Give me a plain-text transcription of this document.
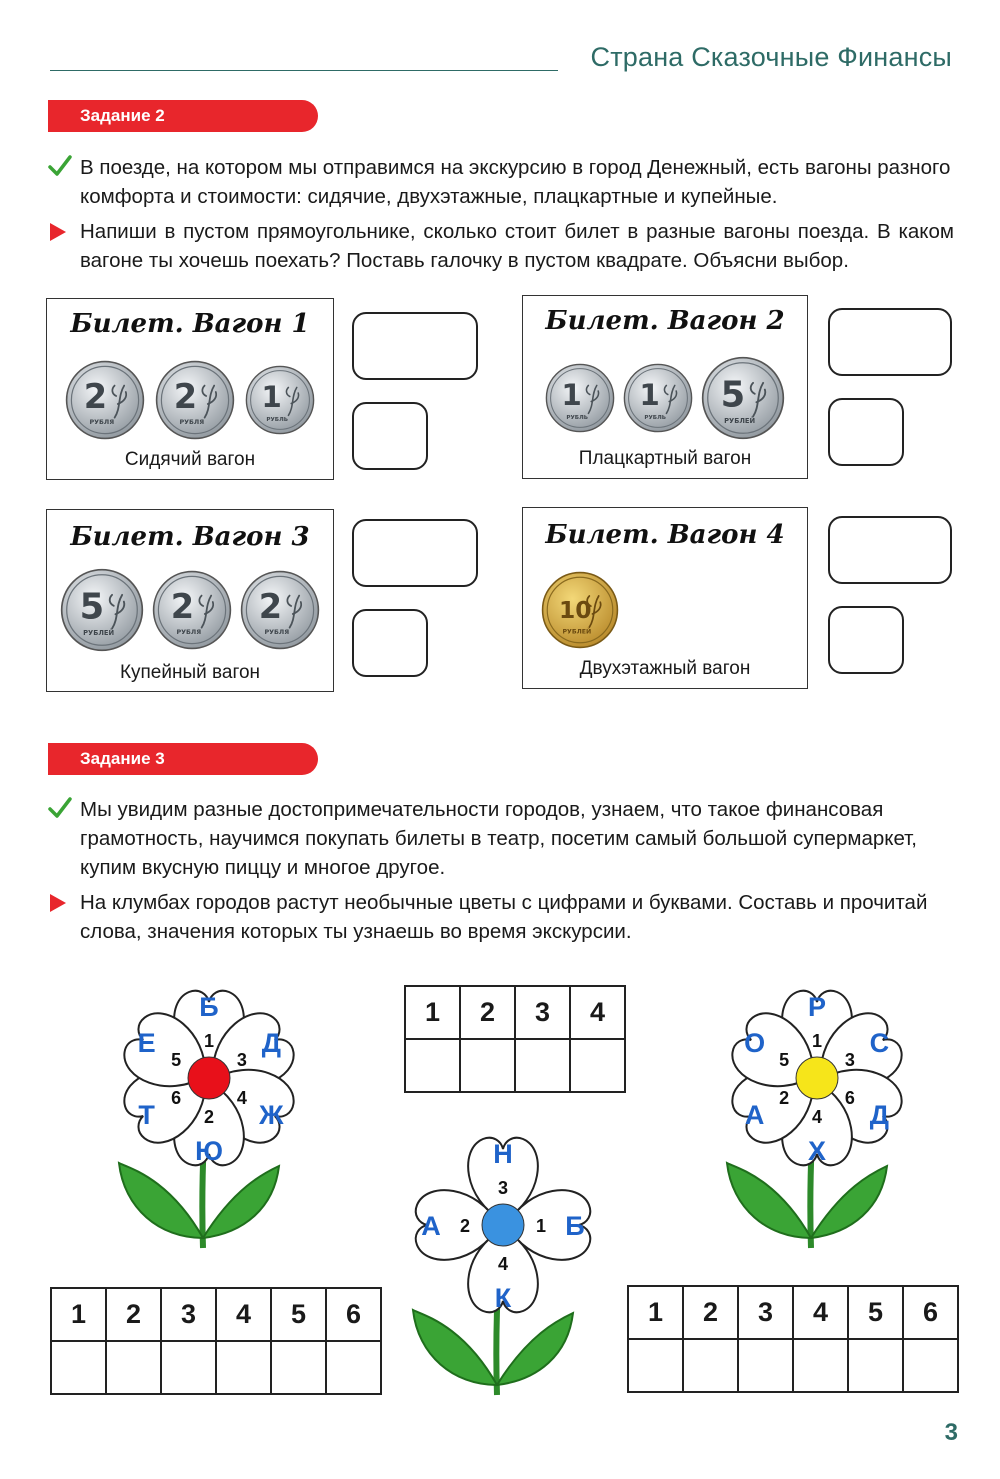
Страна Сказочные Финансы
Задание 2
В поезде, на котором мы отправимся на экскурсию в город Денежный, есть вагоны разного комфорта и стоимости: сидячие, двухэтажные, плацкартные и купейные.
Напиши в пустом прямоугольнике, сколько стоит билет в разные вагоны поезда. В каком вагоне ты хочешь поехать? Поставь галочку в пустом квадрате. Объясни выбор.
Билет. Вагон 1
2
РУБЛЯ
2
РУБЛЯ
1
РУБЛЬ
Сидячий вагон
Билет. Вагон 2
1
РУБЛЬ
1
РУБЛЬ
5
РУБЛЕЙ
Плацкартный вагон
Билет. Вагон 3
5
РУБЛЕЙ
2
РУБЛЯ
2
РУБЛЯ
Купейный вагон
Билет. Вагон 4
10
РУБЛЕЙ
Двухэтажный вагон
Задание 3
Мы увидим разные достопримечательности городов, узнаем, что такое финансовая грамотность, научимся покупать билеты в театр, посетим самый большой супермаркет, купим вкусную пиццу и многое другое.
На клумбах городов растут необычные цветы с цифрами и буквами. Составь и прочитай слова, значения которых ты узнаешь во время экскурсии.
1
Б
3
Д
4
Ж
2
Ю
6
Т
5
Е
3
Н
1 Б
4
К
2
А
1
Р
3
С
6
Д
4
Х
2
А
5
О
1	2	3	4

1	2	3	4	5	6
						1	2	3	4	5	6

3
